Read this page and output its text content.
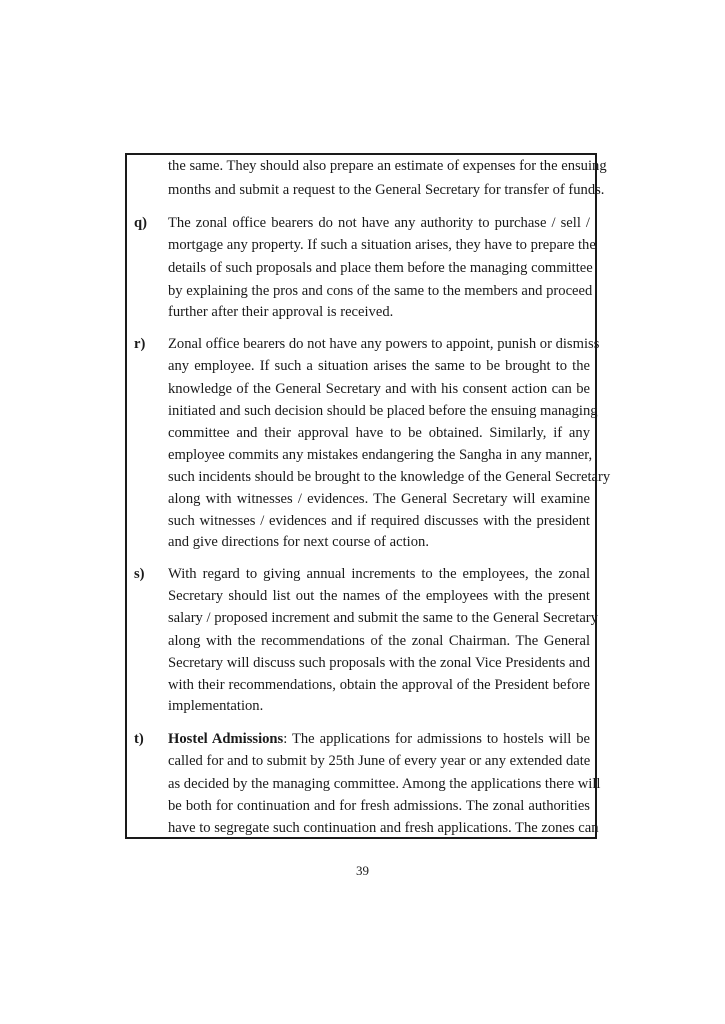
the same. They should also prepare an estimate of expenses for the ensuing
months and submit a request to the General Secretary for transfer of funds.
q) The zonal office bearers do not have any authority to purchase / sell /
mortgage any property. If such a situation arises, they have to prepare the
details of such proposals and place them before the managing committee
by explaining the pros and cons of the same to the members and proceed
further after their approval is received.
r) Zonal office bearers do not have any powers to appoint, punish or dismiss
any employee. If such a situation arises the same to be brought to the
knowledge of the General Secretary and with his consent action can be
initiated and such decision should be placed before the ensuing managing
committee and their approval have to be obtained. Similarly, if any
employee commits any mistakes endangering the Sangha in any manner,
such incidents should be brought to the knowledge of the General Secretary
along with witnesses / evidences. The General Secretary will examine
such witnesses / evidences and if required discusses with the president
and give directions for next course of action.
s) With regard to giving annual increments to the employees, the zonal
Secretary should list out the names of the employees with the present
salary / proposed increment and submit the same to the General Secretary
along with the recommendations of the zonal Chairman. The General
Secretary will discuss such proposals with the zonal Vice Presidents and
with their recommendations, obtain the approval of the President before
implementation.
t) Hostel Admissions: The applications for admissions to hostels will be
called for and to submit by 25th June of every year or any extended date
as decided by the managing committee. Among the applications there will
be both for continuation and for fresh admissions. The zonal authorities
have to segregate such continuation and fresh applications. The zones can
39
